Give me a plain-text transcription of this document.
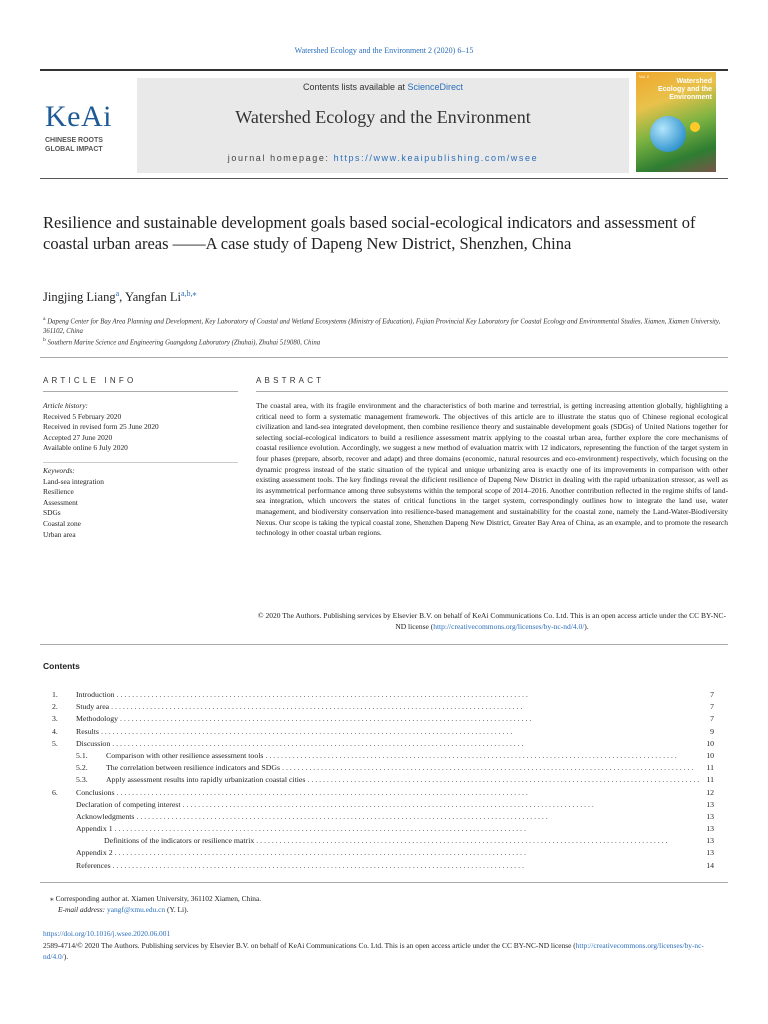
Watershed Ecology and the Environment 2 (2020) 6–15
KeAi
CHINESE ROOTS
GLOBAL IMPACT
Contents lists available at ScienceDirect
Watershed Ecology and the Environment
journal homepage: https://www.keaipublishing.com/wsee
Vol. 2
Watershed
Ecology and the
Environment
Resilience and sustainable development goals based social-ecological indicators and assessment of coastal urban areas ——A case study of Dapeng New District, Shenzhen, China
Jingjing Liang$^a$, Yangfan $Li^{a,b,⁎}$
$^a$ Dapeng Center for Bay Area Planning and Development, Key Laboratory of Coastal and Wetland Ecosystems (Ministry of Education), Fujian Provincial Key Laboratory for Coastal Ecology and Environmental Studies, Xiamen, Xiamen University, 361102, China
$^b$ Southern Marine Science and Engineering Guangdong Laboratory (Zhuhai), Zhuhai 519080, China
ARTICLE INFO	ABSTRACT
Article history:
Received 5 February 2020
Received in revised form 25 June 2020
Accepted 27 June 2020
Available online 6 July 2020
Keywords:
Land-sea integration
Resilience
Assessment
SDGs
Coastal zone
Urban area
The coastal area, with its fragile environment and the characteristics of both marine and terrestrial, is getting increasing attention globally, highlighting a critical need to form a systematic management framework. The objectives of this article are to illustrate the status quo of Chinese regional ecological civilization and land-sea integrated development, then combine resilience theory and sustainable development goals (SDGs) of United Nations together for selecting social-ecological indicators to build a resilience assessment matrix applying to the coastal urban area, further explore the core mechanisms of coastal resilience evolution. Accordingly, we suggest a new method of evaluation matrix with 12 indicators, representing the function of the target system in four phases (prepare, absorb, recover and adapt) and three domains (economic, natural resources and eco-environment) respectively, which focusing on the dynamic progress instead of the static situation of the typical and unique urbanizing area is exactly one of its improvements in comparison with other existing assessment tools. The key findings reveal the dificient resilience of Dapeng New District in dealing with the rapid urbanization stressor, as well as its asymmetrical performance among three subsystems within the temporal scope of 2014–2016. Another contribution reflected in the regime shifts of land-sea integration, which uncovers the states of critical functions in the target system, correspondingly outlines how to integrate the land use, water management, and biodiversity conservation into resilience-based management and sustainability for the coastal zone, namely the Land-Water-Biodiversity Nexus. Our scope is taking the typical coastal zone, Shenzhen Dapeng New District, Greater Bay Area of China, as an example, and to promote the research technology in other coastal urban regions.
© 2020 The Authors. Publishing services by Elsevier B.V. on behalf of KeAi Communications Co. Ltd. This is an open access article under the CC BY-NC-ND license (http://creativecommons.org/licenses/by-nc-nd/4.0/).
Contents
1.	Introduction . . .	7
2.	Study area . . .	7
3.	Methodology . . .	7
4.	Results . . .	9
5.	Discussion . . .	10
5.1.	Comparison with other resilience assessment tools . . .	10
5.2.	The correlation between resilience indicators and SDGs . . .	11
5.3.	Apply assessment results into rapidly urbanization coastal cities . . .	11
6.	Conclusions . . .	12
Declaration of competing interest . . .	13
Acknowledgments . . .	13
Appendix 1 . . .	13
Definitions of the indicators or resilience matrix . . .	13
Appendix 2 . . .	13
References . . .	14
⁎ Corresponding author at. Xiamen University, 361102 Xiamen, China.
E-mail address: yangf@xmu.edu.cn (Y. Li).
https://doi.org/10.1016/j.wsee.2020.06.001
2589-4714/© 2020 The Authors. Publishing services by Elsevier B.V. on behalf of KeAi Communications Co. Ltd. This is an open access article under the CC BY-NC-ND license (http://creativecommons.org/licenses/by-nc-nd/4.0/).
